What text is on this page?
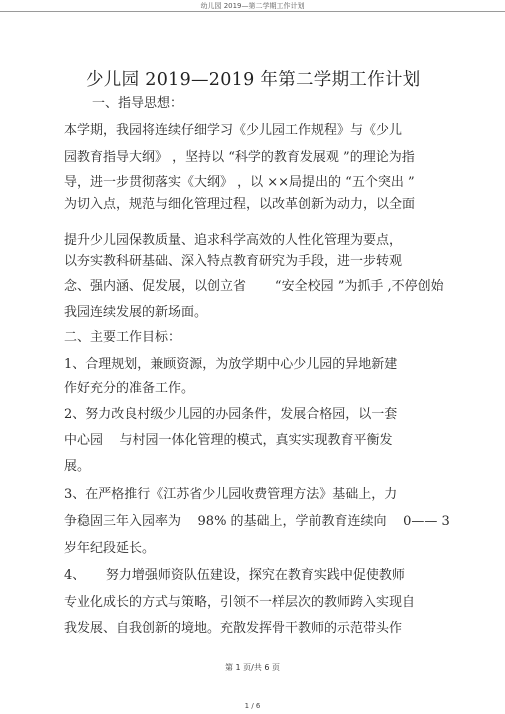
幼儿园 2019—第二学期工作计划
少儿园 2019—2019 年第二学期工作计划
一、指导思想：
本学期，我园将连续仔细学习《少儿园工作规程》与《少儿
园教育指导大纲》 ，坚持以 “科学的教育发展观 ”的理论为指
导，进一步贯彻落实《大纲》 ，以 ××局提出的 “五个突出 ”
为切入点，规范与细化管理过程，以改革创新为动力，以全面
提升少儿园保教质量、追求科学高效的人性化管理为要点，
以夯实教科研基础、深入特点教育研究为手段，进一步转观
念、强内涵、促发展，以创立省       “安全校园 ”为抓手 ,不停创始
我园连续发展的新场面。
二、主要工作目标：
1、合理规划，兼顾资源，为放学期中心少儿园的异地新建
作好充分的准备工作。
2、努力改良村级少儿园的办园条件，发展合格园，以一套
中心园    与村园一体化管理的模式，真实实现教育平衡发
展。
3、在严格推行《江苏省少儿园收费管理方法》基础上，力
争稳固三年入园率为    98% 的基础上，学前教育连续向    0—— 3
岁年纪段延长。
4、     努力增强师资队伍建设，探究在教育实践中促使教师
专业化成长的方式与策略，引领不一样层次的教师跨入实现自
我发展、自我创新的境地。充散发挥骨干教师的示范带头作
第 1 页/共 6 页
1 / 6
